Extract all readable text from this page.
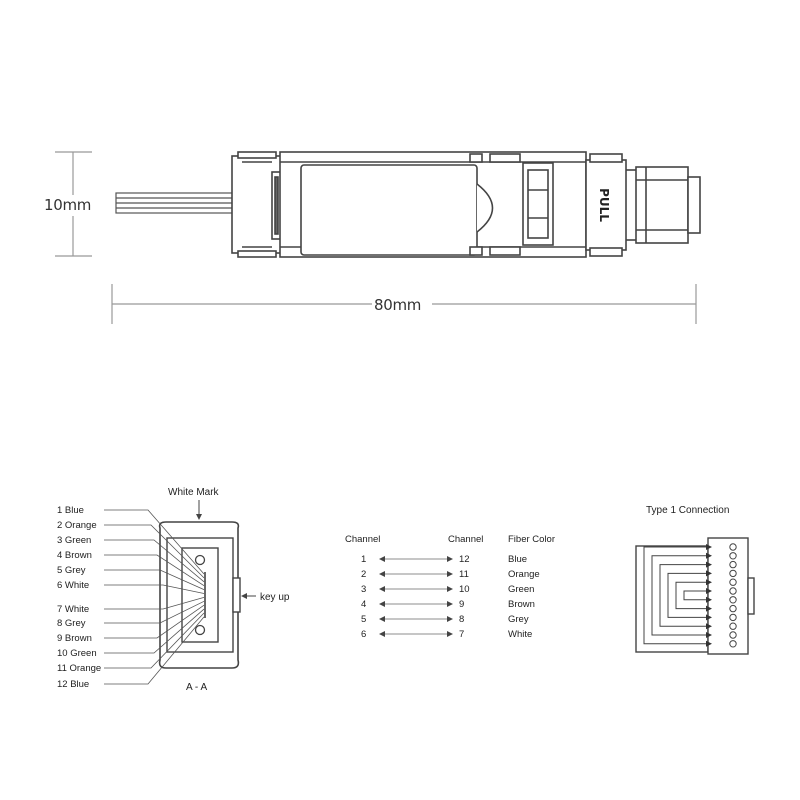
10mm
80mm
PULL
White Mark
1 Blue
2 Orange
3 Green
4 Brown
5 Grey
6 White
7 White
8 Grey
9 Brown
10 Green
11 Orange
12 Blue
key up
A - A
Channel	Channel	Fiber Color
1	12	Blue
2	11	Orange
3	10	Green
4	9	Brown
5	8	Grey
6	7	White
Type 1 Connection
